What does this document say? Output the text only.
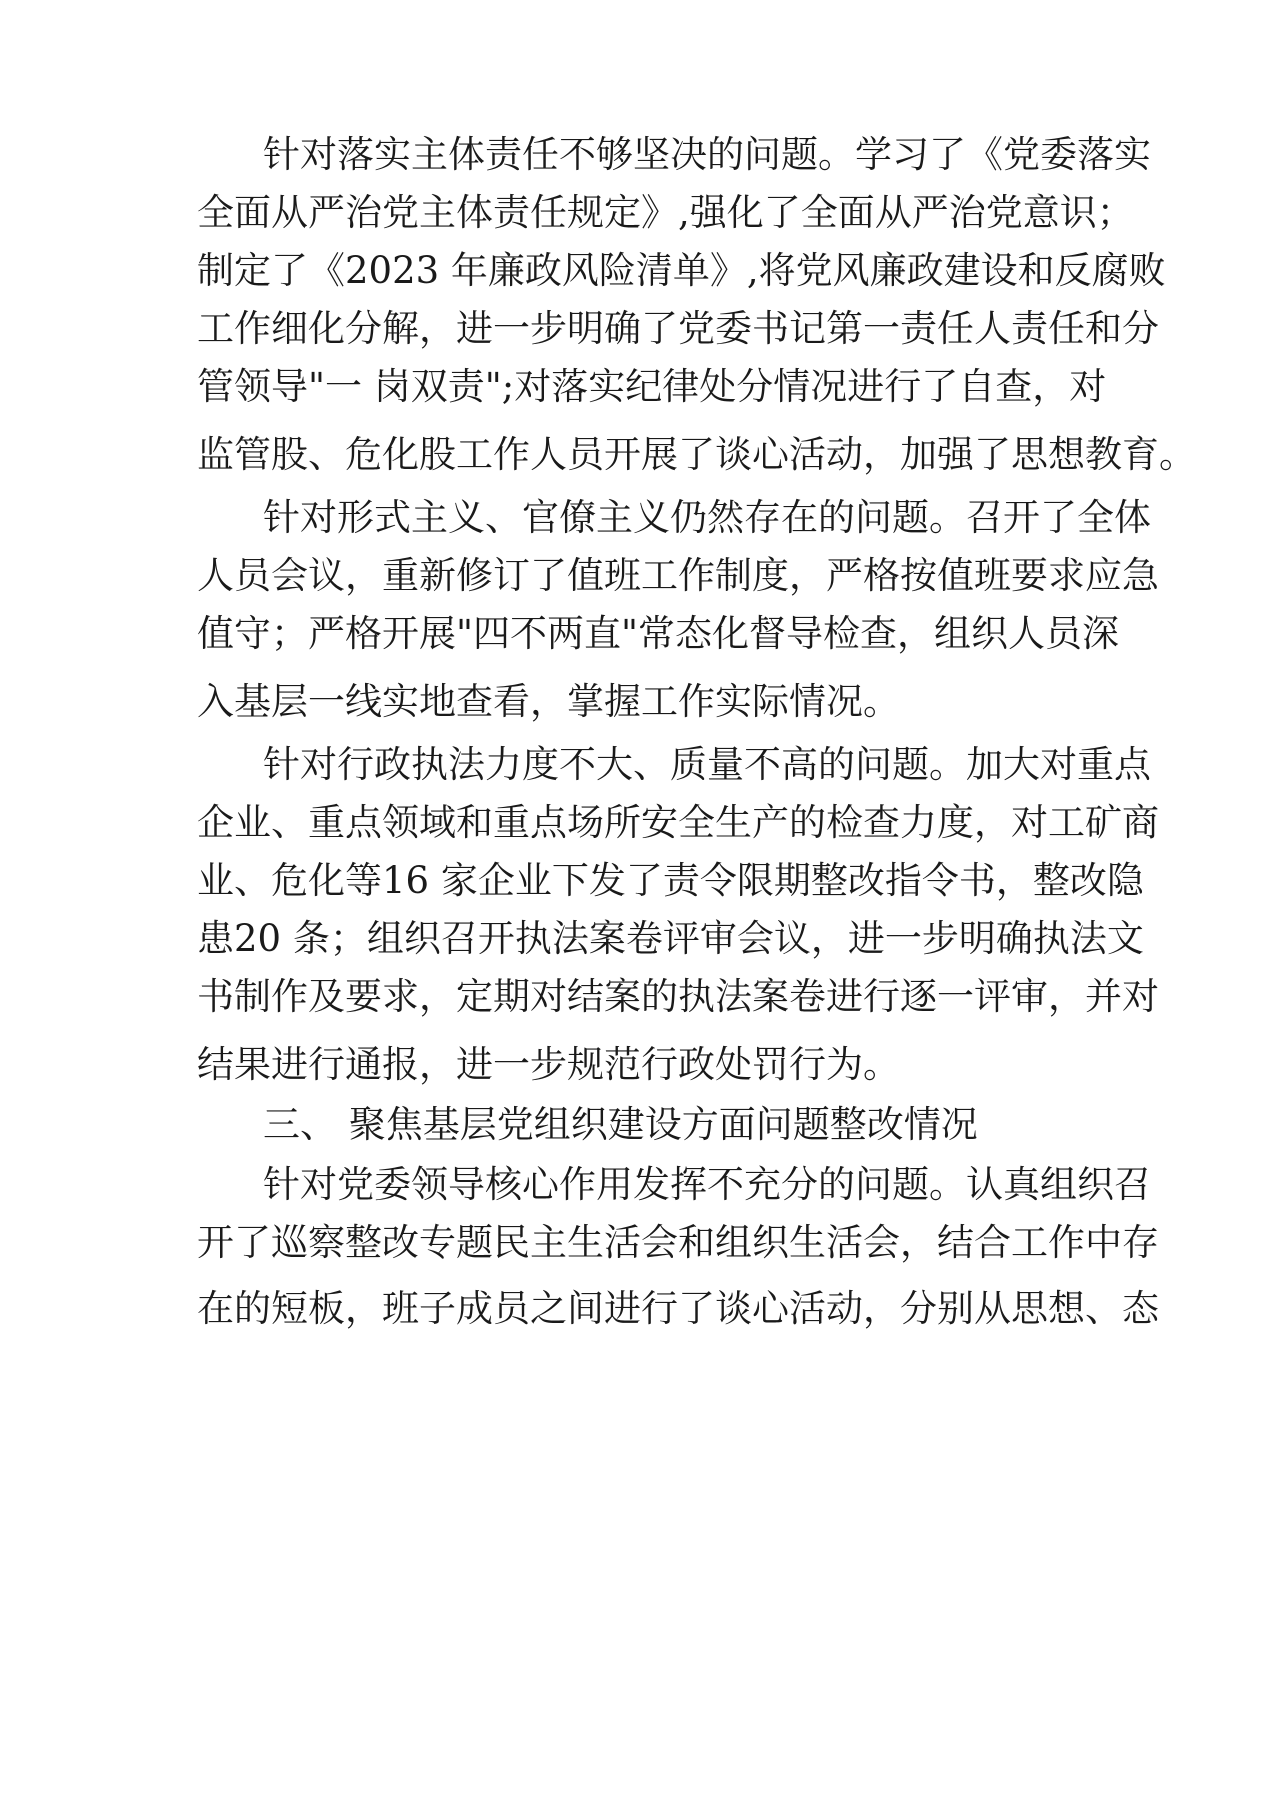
针对落实主体责任不够坚决的问题。学习了《党委落实
全面从严治党主体责任规定》,强化了全面从严治党意识；
制定了《2023 年廉政风险清单》,将党风廉政建设和反腐败
工作细化分解，进一步明确了党委书记第一责任人责任和分
管领导"一 岗双责";对落实纪律处分情况进行了自查，对
监管股、危化股工作人员开展了谈心活动，加强了思想教育。
针对形式主义、官僚主义仍然存在的问题。召开了全体
人员会议，重新修订了值班工作制度，严格按值班要求应急
值守；严格开展"四不两直"常态化督导检查，组织人员深
入基层一线实地查看，掌握工作实际情况。
针对行政执法力度不大、质量不高的问题。加大对重点
企业、重点领域和重点场所安全生产的检查力度，对工矿商
业、危化等16 家企业下发了责令限期整改指令书，整改隐
患20 条；组织召开执法案卷评审会议，进一步明确执法文
书制作及要求，定期对结案的执法案卷进行逐一评审，并对
结果进行通报，进一步规范行政处罚行为。
三、 聚焦基层党组织建设方面问题整改情况
针对党委领导核心作用发挥不充分的问题。认真组织召
开了巡察整改专题民主生活会和组织生活会，结合工作中存
在的短板，班子成员之间进行了谈心活动，分别从思想、态
